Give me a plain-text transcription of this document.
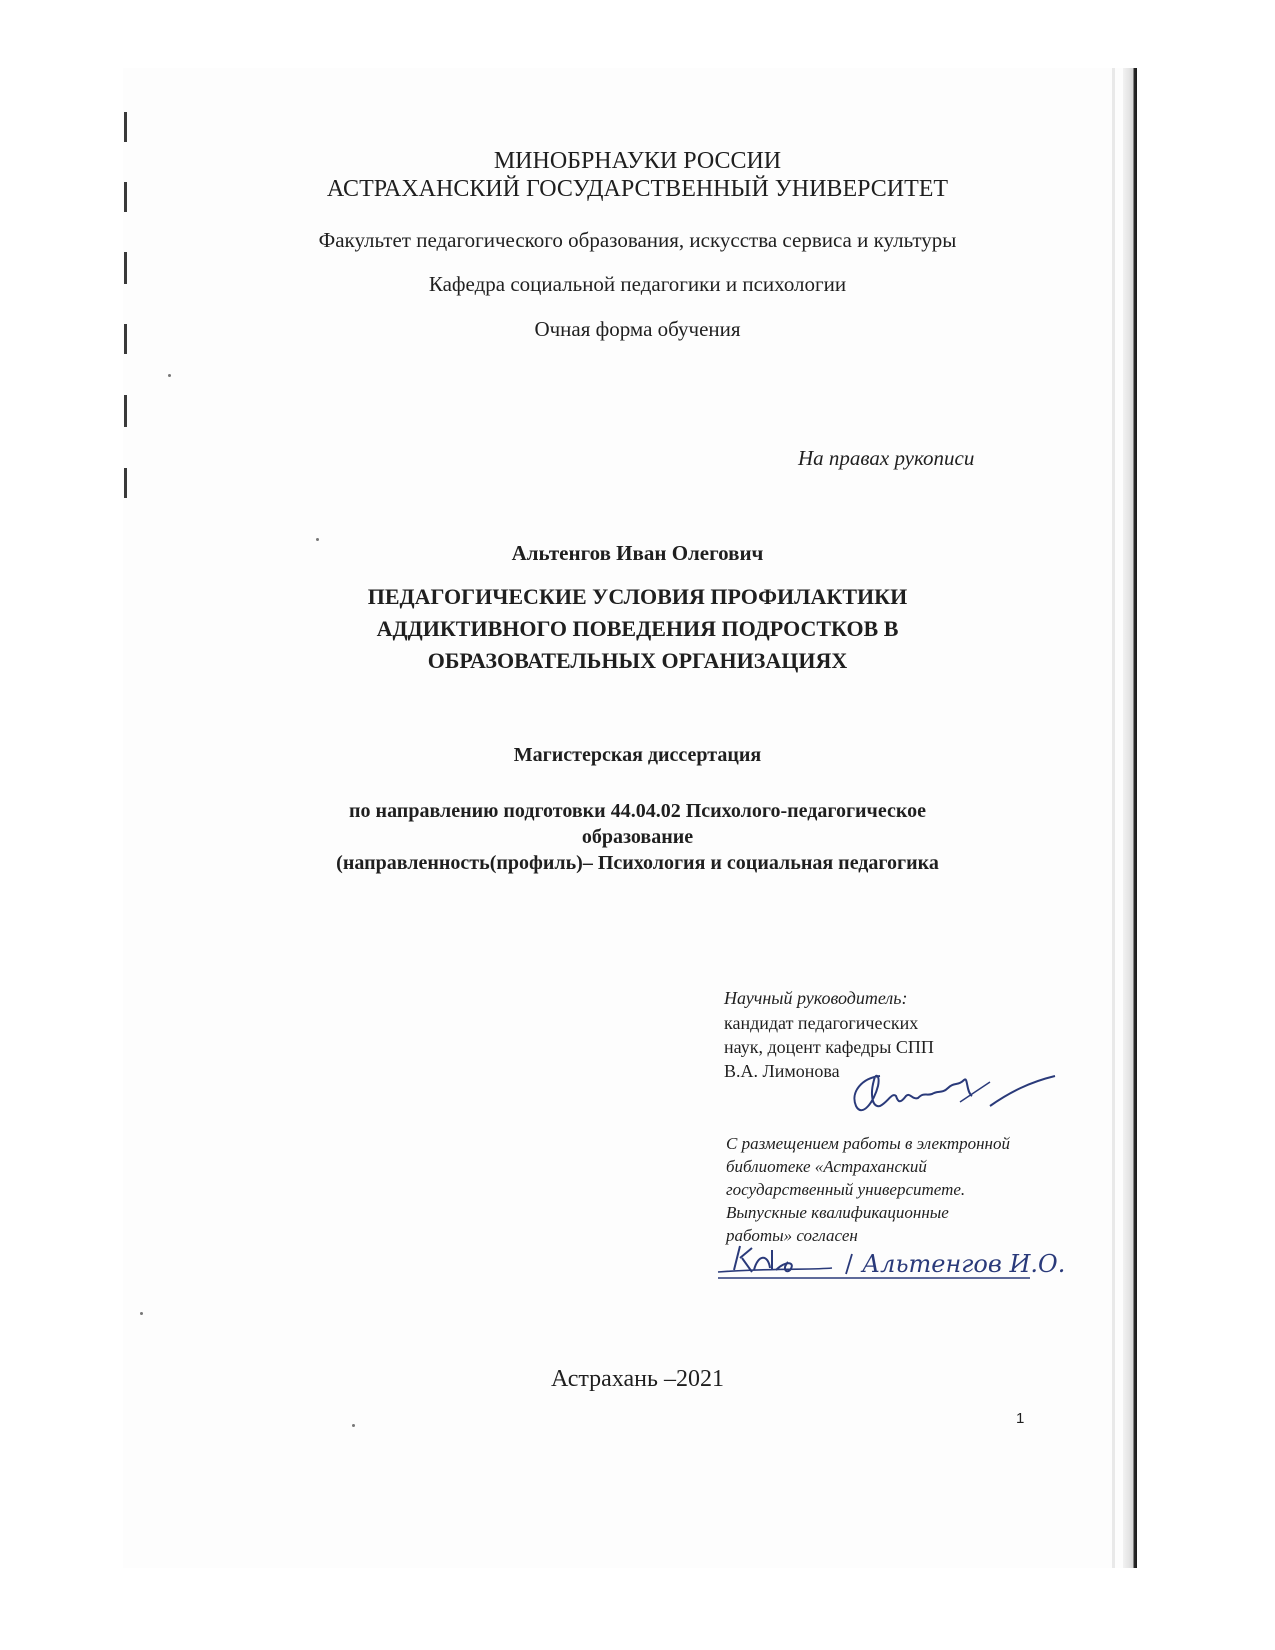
МИНОБРНАУКИ РОССИИ
АСТРАХАНСКИЙ ГОСУДАРСТВЕННЫЙ УНИВЕРСИТЕТ
Факультет педагогического образования, искусства сервиса и культуры
Кафедра социальной педагогики и психологии
Очная форма обучения
На правах рукописи
Альтенгов Иван Олегович
ПЕДАГОГИЧЕСКИЕ УСЛОВИЯ ПРОФИЛАКТИКИ
АДДИКТИВНОГО ПОВЕДЕНИЯ ПОДРОСТКОВ В
ОБРАЗОВАТЕЛЬНЫХ ОРГАНИЗАЦИЯХ
Магистерская диссертация
по направлению подготовки 44.04.02 Психолого-педагогическое
образование
(направленность(профиль)– Психология и социальная педагогика
Научный руководитель:
кандидат педагогических
наук, доцент кафедры СПП
В.А. Лимонова
С размещением работы в электронной
библиотеке «Астраханский
государственный университете.
Выпускные квалификационные
работы» согласен
Альтенгов И.О.
Астрахань –2021
1
